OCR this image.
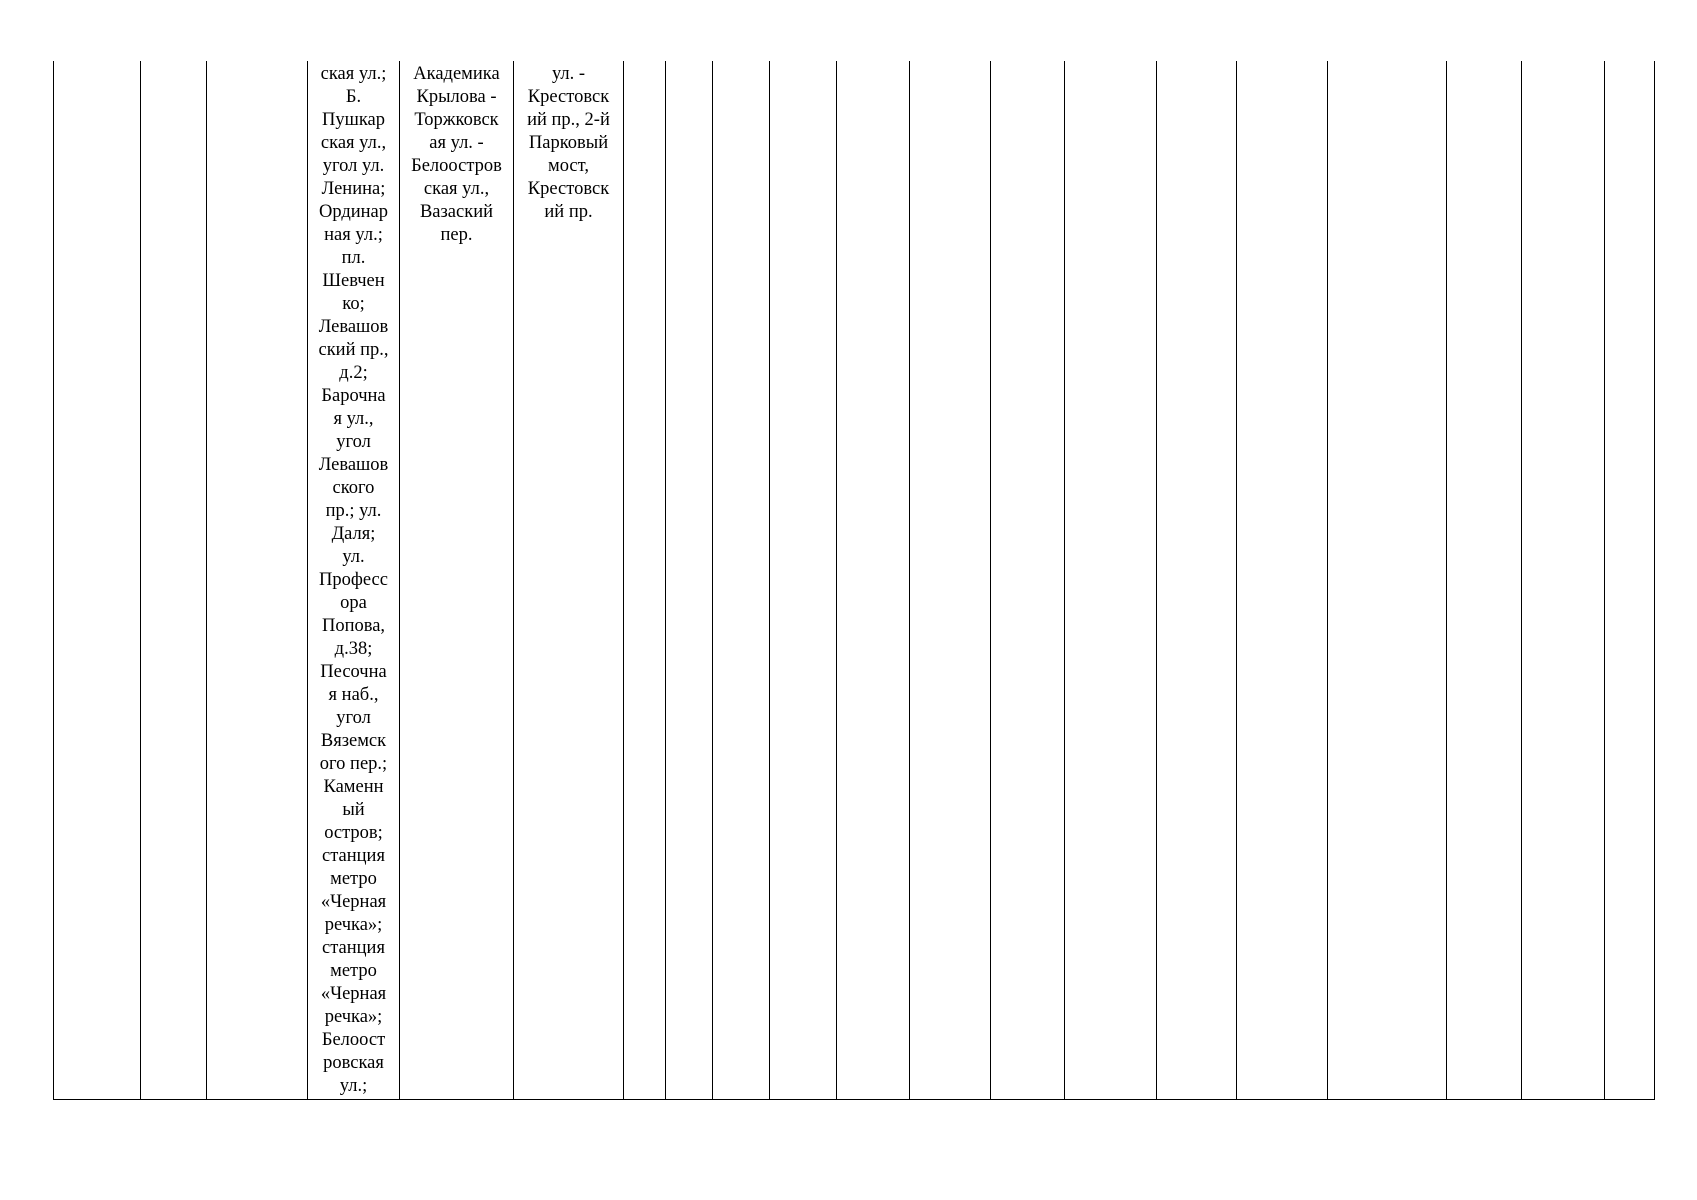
			ская ул.;
Б.
Пушкар
ская ул.,
угол ул.
Ленина;
Ординар
ная ул.;
пл.
Шевчен
ко;
Левашов
ский пр.,
д.2;
Барочна
я ул.,
угол
Левашов
ского
пр.; ул.
Даля;
ул.
Професс
ора
Попова,
д.38;
Песочна
я наб.,
угол
Вяземск
ого пер.;
Каменн
ый
остров;
станция
метро
«Черная
речка»;
станция
метро
«Черная
речка»;
Белоост
ровская
ул.;	Академика
Крылова -
Торжковск
ая ул. -
Белоостров
ская ул.,
Вазаский
пер.	ул. -
Крестовск
ий пр., 2-й
Парковый
мост,
Крестовск
ий пр.														
